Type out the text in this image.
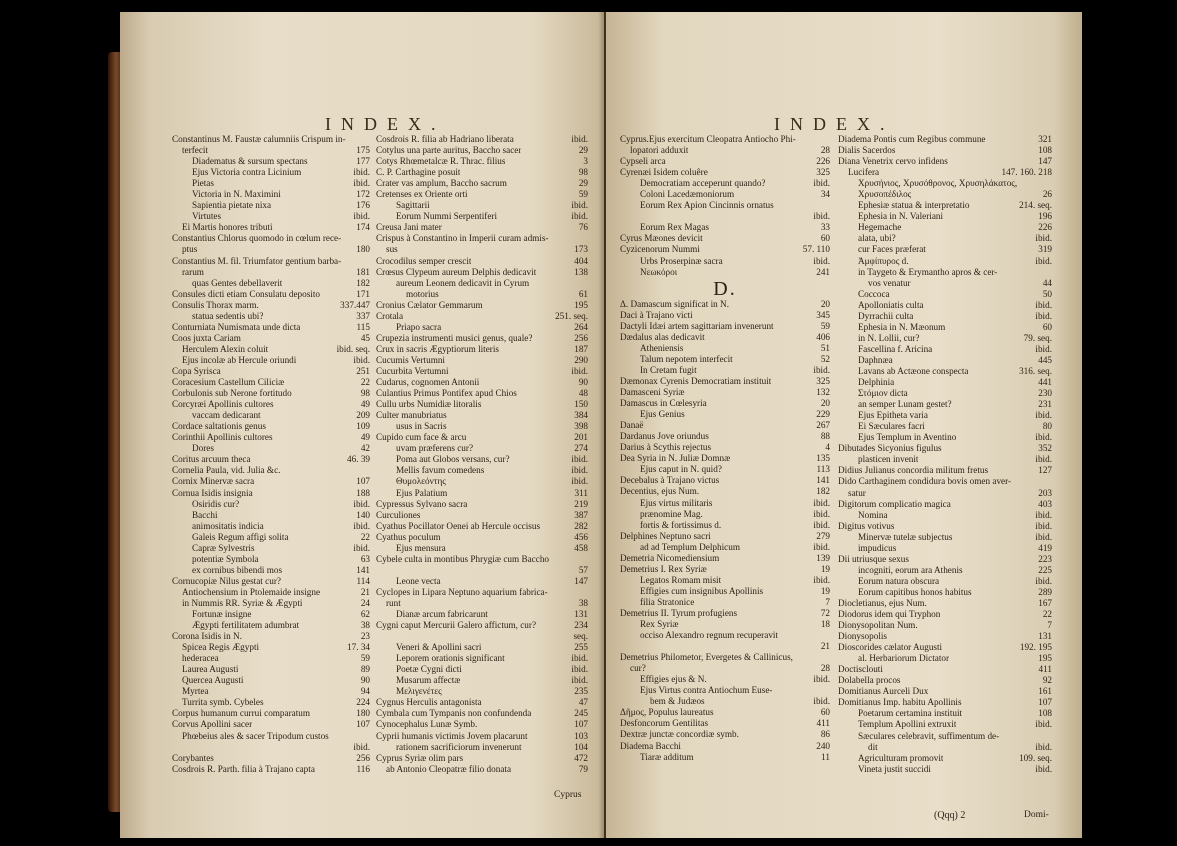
INDEX.
Constantinus M. Faustæ calumniis Crispum in-
terfecit	175
Diadematus & sursum spectans	177
Ejus Victoria contra Licinium	ibid.
Pietas	ibid.
Victoria in N. Maximini	172
Sapientia pietate nixa	176
Virtutes	ibid.
Ei Martis honores tributi	174
Constantius Chlorus quomodo in cœlum rece-
ptus	180
Constantius M. fil. Triumfator gentium barba-
rarum	181
quas Gentes debellaverit	182
Consules dicti etiam Consulatu deposito	171
Consulis Thorax marm.	337.447
statua sedentis ubi?	337
Conturniata Numismata unde dicta	115
Coos juxta Cariam	45
Herculem Alexin coluit	ibid. seq.
Ejus incolæ ab Hercule oriundi	ibid.
Copa Syrisca	251
Coracesium Castellum Ciliciæ	22
Corbulonis sub Nerone fortitudo	98
Corcyræi Apollinis cultores	49
vaccam dedicarant	209
Cordace saltationis genus	109
Corinthii Apollinis cultores	49
Dores	42
Coritus arcuum theca	46. 39
Cornelia Paula, vid. Julia &c.
Cornix Minervæ sacra	107
Cornua Isidis insignia	188
Osiridis cur?	ibid.
Bacchi	140
animositatis indicia	ibid.
Galeis Regum affigi solita	22
Capræ Sylvestris	ibid.
potentiæ Symbola	63
ex cornibus bibendi mos	141
Cornucopiæ Nilus gestat cur?	114
Antiochensium in Ptolemaide insigne	21
in Nummis RR. Syriæ & Ægypti	24
Fortunæ insigne	62
Ægypti fertilitatem adumbrat	38
Corona Isidis in N.	23
Spicea Regis Ægypti	17. 34
hederacea	59
Laurea Augusti	89
Quercea Augusti	90
Myrtea	94
Turrita symb. Cybeles	224
Corpus humanum currui comparatum	180
Corvus Apollini sacer	107
Phœbeius ales & sacer Tripodum custos
ibid.
Corybantes	256
Cosdrois R. Parth. filia à Trajano capta	116
Cosdrois R. filia ab Hadriano liberata	ibid.
Cotylus una parte auritus, Baccho sacer	29
Cotys Rhœmetalcæ R. Thrac. filius	3
C. P. Carthagine posuit	98
Crater vas amplum, Baccho sacrum	29
Cretenses ex Oriente orti	59
Sagittarii	ibid.
Eorum Nummi Serpentiferi	ibid.
Creusa Jani mater	76
Crispus à Constantino in Imperii curam admis-
sus	173
Crocodilus semper crescit	404
Crœsus Clypeum aureum Delphis dedicavit	138
aureum Leonem dedicavit in Cyrum
motorius	61
Cronius Cælator Gemmarum	195
Crotala	251. seq.
Priapo sacra	264
Crupezia instrumenti musici genus, quale?	256
Crux in sacris Ægyptiorum literis	187
Cucumis Vertumni	290
Cucurbita Vertumni	ibid.
Cudarus, cognomen Antonii	90
Culantius Primus Pontifex apud Chios	48
Cullu urbs Numidiæ litoralis	150
Culter manubriatus	384
usus in Sacris	398
Cupido cum face & arcu	201
uvam præferens cur?	274
Poma aut Globos versans, cur?	ibid.
Mellis favum comedens	ibid.
Θυμολεόντης	ibid.
Ejus Palatium	311
Cypressus Sylvano sacra	219
Curculiones	387
Cyathus Pocillator Oenei ab Hercule occisus	282
Cyathus poculum	456
Ejus mensura	458
Cybele culta in montibus Phrygiæ cum Baccho
57
Leone vecta	147
Cyclopes in Lipara Neptuno aquarium fabrica-
runt	38
Dianæ arcum fabricarunt	131
Cygni caput Mercurii Galero affictum, cur?	234
seq.
Veneri & Apollini sacri	255
Leporem orationis significant	ibid.
Poetæ Cygni dicti	ibid.
Musarum affectæ	ibid.
Μελιγενέτες	235
Cygnus Herculis antagonista	47
Cymbala cum Tympanis non confundenda	245
Cynocephalus Lunæ Symb.	107
Cyprii humanis victimis Jovem placarunt	103
rationem sacrificiorum invenerunt	104
Cyprus Syriæ olim pars	472
ab Antonio Cleopatræ filio donata	79
Cyprus
INDEX.
Cyprus.Ejus exercitum Cleopatra Antiocho Phi-
lopatori adduxit	28
Cypselì arca	226
Cyrenæi Isidem coluêre	325
Democratiam acceperunt quando?	ibid.
Coloni Lacedæmoniorum	34
Eorum Rex Apion Cincinnis ornatus
ibid.
Eorum Rex Magas	33
Cyrus Mæones devicit	60
Cyzicenorum Nummi	57. 110
Urbs Proserpinæ sacra	ibid.
Νεωκόροι	241
D.
Δ. Damascum significat in N.	20
Daci à Trajano victi	345
Dactyli Idæi artem sagittariam invenerunt	59
Dædalus alas dedicavit	406
Atheniensis	51
Talum nepotem interfecit	52
In Cretam fugit	ibid.
Dæmonax Cyrenis Democratiam instituit	325
Damasceni Syriæ	132
Damascus in Cœlesyria	20
Ejus Genius	229
Danaë	267
Dardanus Jove oriundus	88
Darius à Scythis rejectus	4
Dea Syria in N. Juliæ Domnæ	135
Ejus caput in N. quid?	113
Decebalus à Trajano victus	141
Decentius, ejus Num.	182
Ejus virtus militaris	ibid.
prænomine Mag.	ibid.
fortis & fortissimus d.	ibid.
Delphines Neptuno sacri	279
ad ad Templum Delphicum	ibid.
Demetria Nicomediensium	139
Demetrius I. Rex Syriæ	19
Legatos Romam misit	ibid.
Effigies cum insignibus Apollinis	19
filia Stratonice	7
Demetrius II. Tyrum profugiens	72
Rex Syriæ	18
occiso Alexandro regnum recuperavit
21
Demetrius Philometor, Evergetes & Callinicus,
cur?	28
Effigies ejus & N.	ibid.
Ejus Virtus contra Antiochum Euse-
bem & Judæos	ibid.
Δῆμος, Populus laureatus	60
Desfoncorum Gentilitas	411
Dextræ junctæ concordiæ symb.	86
Diadema Bacchi	240
Tiaræ additum	11
Diadema Pontis cum Regibus commune	321
Dialis Sacerdos	108
Diana Venetrix cervo infidens	147
Lucifera	147. 160. 218
Χρυσήνιος, Χρυσόθρονος, Χρυσηλάκατος,
Χρυσοπέδιλος	26
Ephesiæ statua & interpretatio	214. seq.
Ephesia in N. Valeriani	196
Hegemache	226
alata, ubi?	ibid.
cur Faces præferat	319
Ἀμφίπυρος d.	ibid.
in Taygeto & Erymantho apros & cer-
vos venatur	44
Coccoca	50
Apolloniatis culta	ibid.
Dyrrachii culta	ibid.
Ephesia in N. Mæonum	60
in N. Lollii, cur?	79. seq.
Fascellina f. Aricina	ibid.
Daphnæa	445
Lavans ab Actæone conspecta	316. seq.
Delphinia	441
Στόμιον dicta	230
an semper Lunam gestet?	231
Ejus Epitheta varia	ibid.
Ei Sæculares facri	80
Ejus Templum in Aventino	ibid.
Dibutades Sicyonius figulus	352
plasticen invenit	ibid.
Didius Julianus concordia militum fretus	127
Dido Carthaginem condidura bovis omen aver-
satur	203
Digitorum complicatio magica	403
Nomina	ibid.
Digitus votivus	ibid.
Minervæ tutelæ subjectus	ibid.
impudicus	419
Dii utriusque sexus	223
incogniti, eorum ara Athenis	225
Eorum natura obscura	ibid.
Eorum capitibus honos habitus	289
Diocletianus, ejus Num.	167
Diodorus idem qui Tryphon	22
Dionysopolitan Num.	7
Dionysopolis	131
Dioscorides cælator Augusti	192. 195
al. Herbariorum Dictator	195
Doctisclouti	411
Dolabella procos	92
Domitianus Aurceli Dux	161
Domitianus Imp. habitu Apollinis	107
Poetarum certamina instituit	108
Templum Apollini extruxit	ibid.
Sæculares celebravit, suffimentum de-
dit	ibid.
Agriculturam promovit	109. seq.
Vineta justit succidi	ibid.
(Qqq) 2	Domi-
